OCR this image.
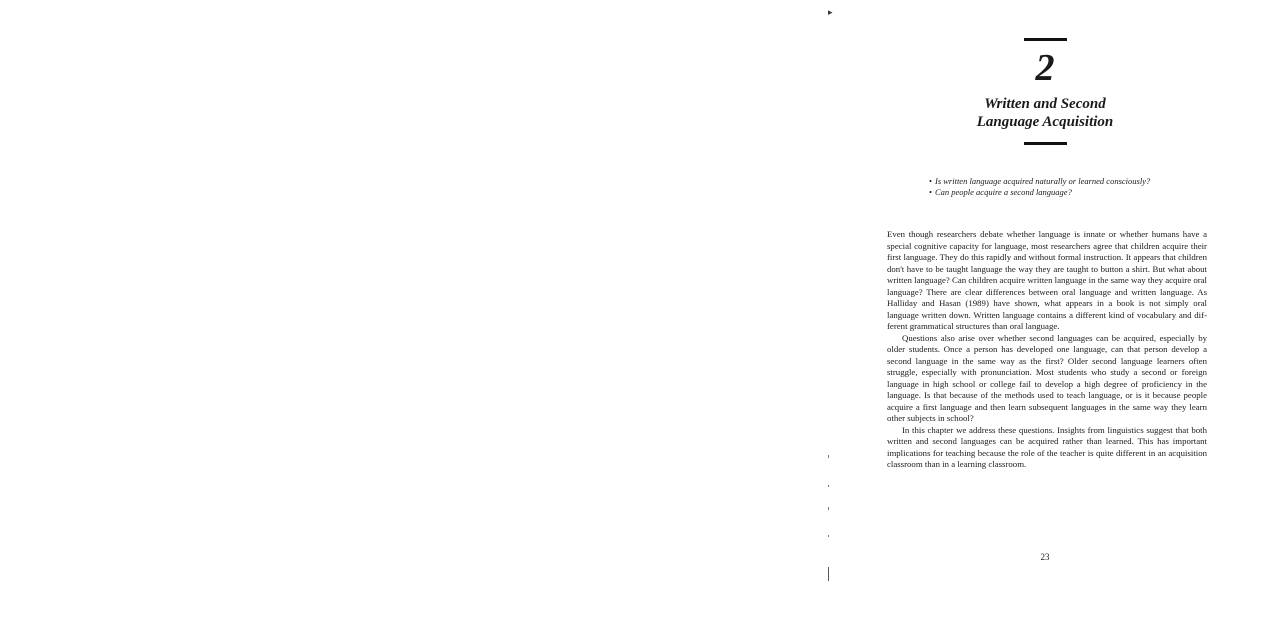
▸
2
Written and Second
Language Acquisition
• Is written language acquired naturally or learned consciously?
• Can people acquire a second language?

Even though researchers debate whether language is innate or whether humans have a special cognitive capacity for language, most researchers agree that children acquire their first language. They do this rapidly and without formal instruction. It appears that children don't have to be taught language the way they are taught to button a shirt. But what about written language? Can children acquire written language in the same way they acquire oral language? There are clear differences between oral language and written language. As Halliday and Hasan (1989) have shown, what appears in a book is not simply oral language written down. Written language contains a different kind of vocabulary and different grammatical structures than oral language.

Questions also arise over whether second languages can be acquired, especially by older students. Once a person has developed one language, can that person develop a second language in the same way as the first? Older second language learners often struggle, especially with pronunciation. Most students who study a second or foreign language in high school or college fail to develop a high degree of proficiency in the language. Is that because of the methods used to teach language, or is it because people acquire a first language and then learn subsequent languages in the same way they learn other subjects in school?

In this chapter we address these questions. Insights from linguistics suggest that both written and second languages can be acquired rather than learned. This has important implications for teaching because the role of the teacher is quite different in an acquisition classroom than in a learning classroom.

23
